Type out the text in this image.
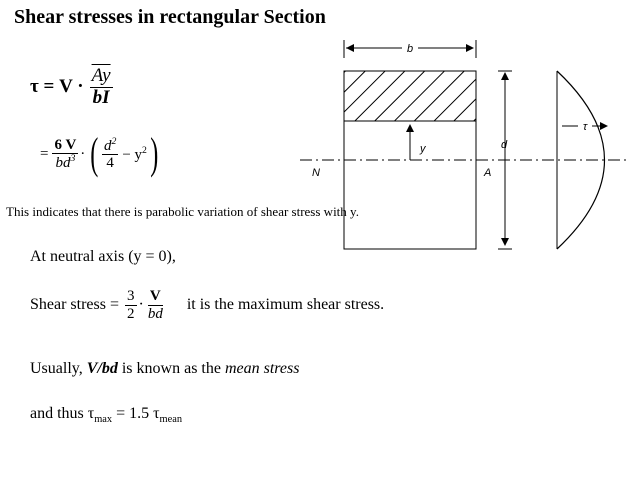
Shear stresses in rectangular Section
$\tau = V \cdot \frac{\overline{Ay}}{bI}$
= $\frac{6 V}{bd^3}$ · ( $\frac{d^2}{4} - y^2$ )
This indicates that there is parabolic variation of shear stress with y.
At neutral axis (y = 0),
Shear stress = $\frac{3}{2} \cdot \frac{V}{bd}$ it is the maximum shear stress.
Usually, V/bd is known as the mean stress
and thus $\tau_{max} = 1.5$ $\tau_{mean}$
b
y
N	A
d
τ
